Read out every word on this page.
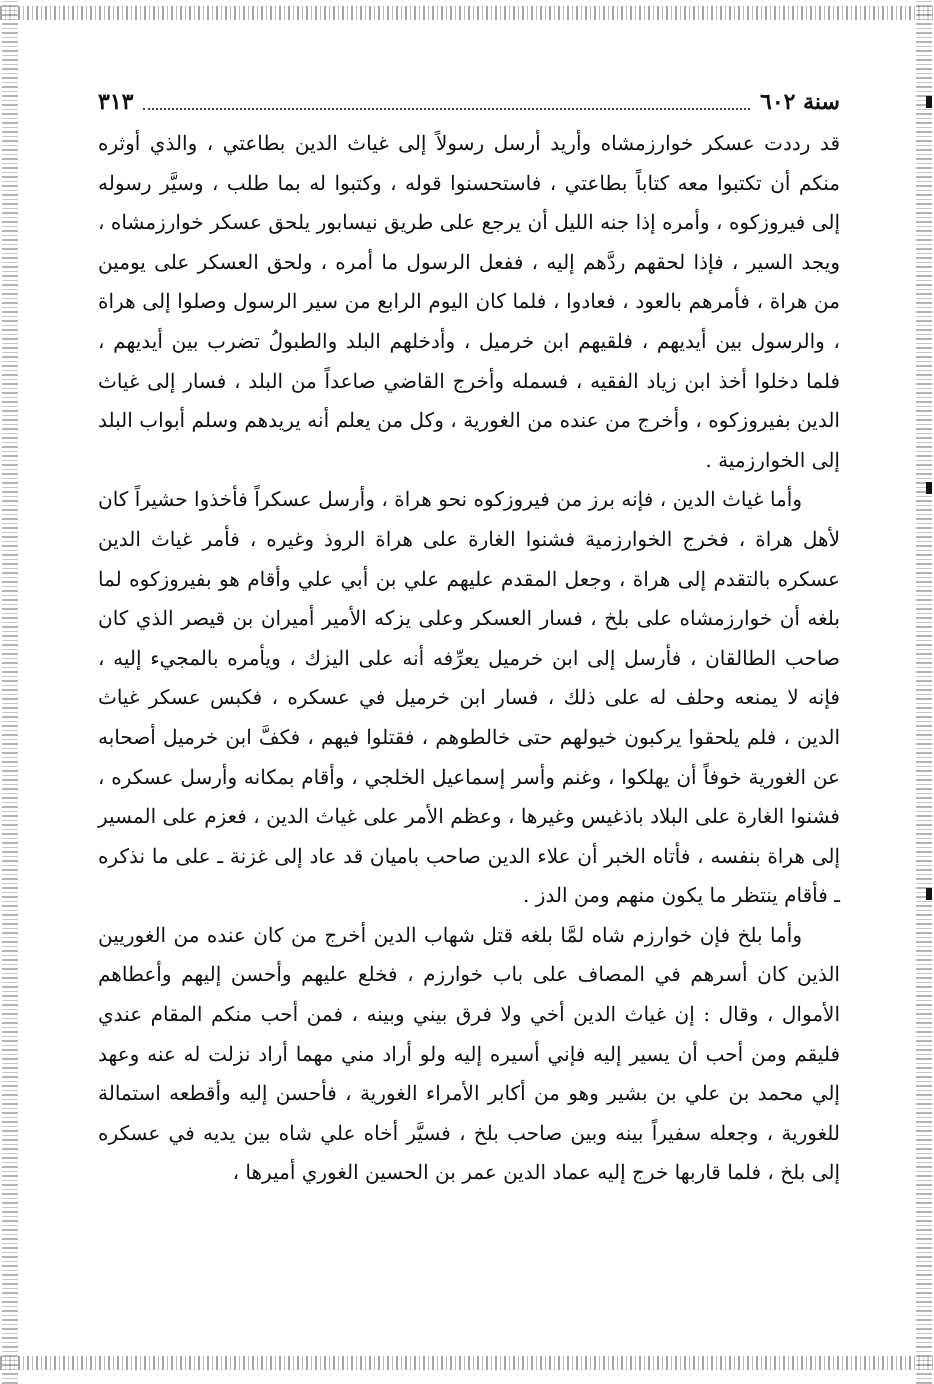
سنة ٦٠٢
٣١٣

قد رددت عسكر خوارزمشاه وأريد أرسل رسولاً إلى غياث الدين بطاعتي ، والذي أوثره منكم أن تكتبوا معه كتاباً بطاعتي ، فاستحسنوا قوله ، وكتبوا له بما طلب ، وسيَّر رسوله إلى فيروزكوه ، وأمره إذا جنه الليل أن يرجع على طريق نيسابور يلحق عسكر خوارزمشاه ، ويجد السير ، فإذا لحقهم ردَّهم إليه ، ففعل الرسول ما أمره ، ولحق العسكر على يومين من هراة ، فأمرهم بالعود ، فعادوا ، فلما كان اليوم الرابع من سير الرسول وصلوا إلى هراة ، والرسول بين أيديهم ، فلقيهم ابن خرميل ، وأدخلهم البلد والطبولُ تضرب بين أيديهم ، فلما دخلوا أخذ ابن زياد الفقيه ، فسمله وأخرج القاضي صاعداً من البلد ، فسار إلى غياث الدين بفيروزكوه ، وأخرج من عنده من الغورية ، وكل من يعلم أنه يريدهم وسلم أبواب البلد إلى الخوارزمية .

وأما غياث الدين ، فإنه برز من فيروزكوه نحو هراة ، وأرسل عسكراً فأخذوا حشيراً كان لأهل هراة ، فخرج الخوارزمية فشنوا الغارة على هراة الروذ وغيره ، فأمر غياث الدين عسكره بالتقدم إلى هراة ، وجعل المقدم عليهم علي بن أبي علي وأقام هو بفيروزكوه لما بلغه أن خوارزمشاه على بلخ ، فسار العسكر وعلى يزكه الأمير أميران بن قيصر الذي كان صاحب الطالقان ، فأرسل إلى ابن خرميل يعرِّفه أنه على اليزك ، ويأمره بالمجيء إليه ، فإنه لا يمنعه وحلف له على ذلك ، فسار ابن خرميل في عسكره ، فكبس عسكر غياث الدين ، فلم يلحقوا يركبون خيولهم حتى خالطوهم ، فقتلوا فيهم ، فكفَّ ابن خرميل أصحابه عن الغورية خوفاً أن يهلكوا ، وغنم وأسر إسماعيل الخلجي ، وأقام بمكانه وأرسل عسكره ، فشنوا الغارة على البلاد باذغيس وغيرها ، وعظم الأمر على غياث الدين ، فعزم على المسير إلى هراة بنفسه ، فأتاه الخبر أن علاء الدين صاحب باميان قد عاد إلى غزنة ـ على ما نذكره ـ فأقام ينتظر ما يكون منهم ومن الدز .

وأما بلخ فإن خوارزم شاه لمَّا بلغه قتل شهاب الدين أخرج من كان عنده من الغوريين الذين كان أسرهم في المصاف على باب خوارزم ، فخلع عليهم وأحسن إليهم وأعطاهم الأموال ، وقال : إن غياث الدين أخي ولا فرق بيني وبينه ، فمن أحب منكم المقام عندي فليقم ومن أحب أن يسير إليه فإني أسيره إليه ولو أراد مني مهما أراد نزلت له عنه وعهد إلي محمد بن علي بن بشير وهو من أكابر الأمراء الغورية ، فأحسن إليه وأقطعه استمالة للغورية ، وجعله سفيراً بينه وبين صاحب بلخ ، فسيَّر أخاه علي شاه بين يديه في عسكره إلى بلخ ، فلما قاربها خرج إليه عماد الدين عمر بن الحسين الغوري أميرها ،
